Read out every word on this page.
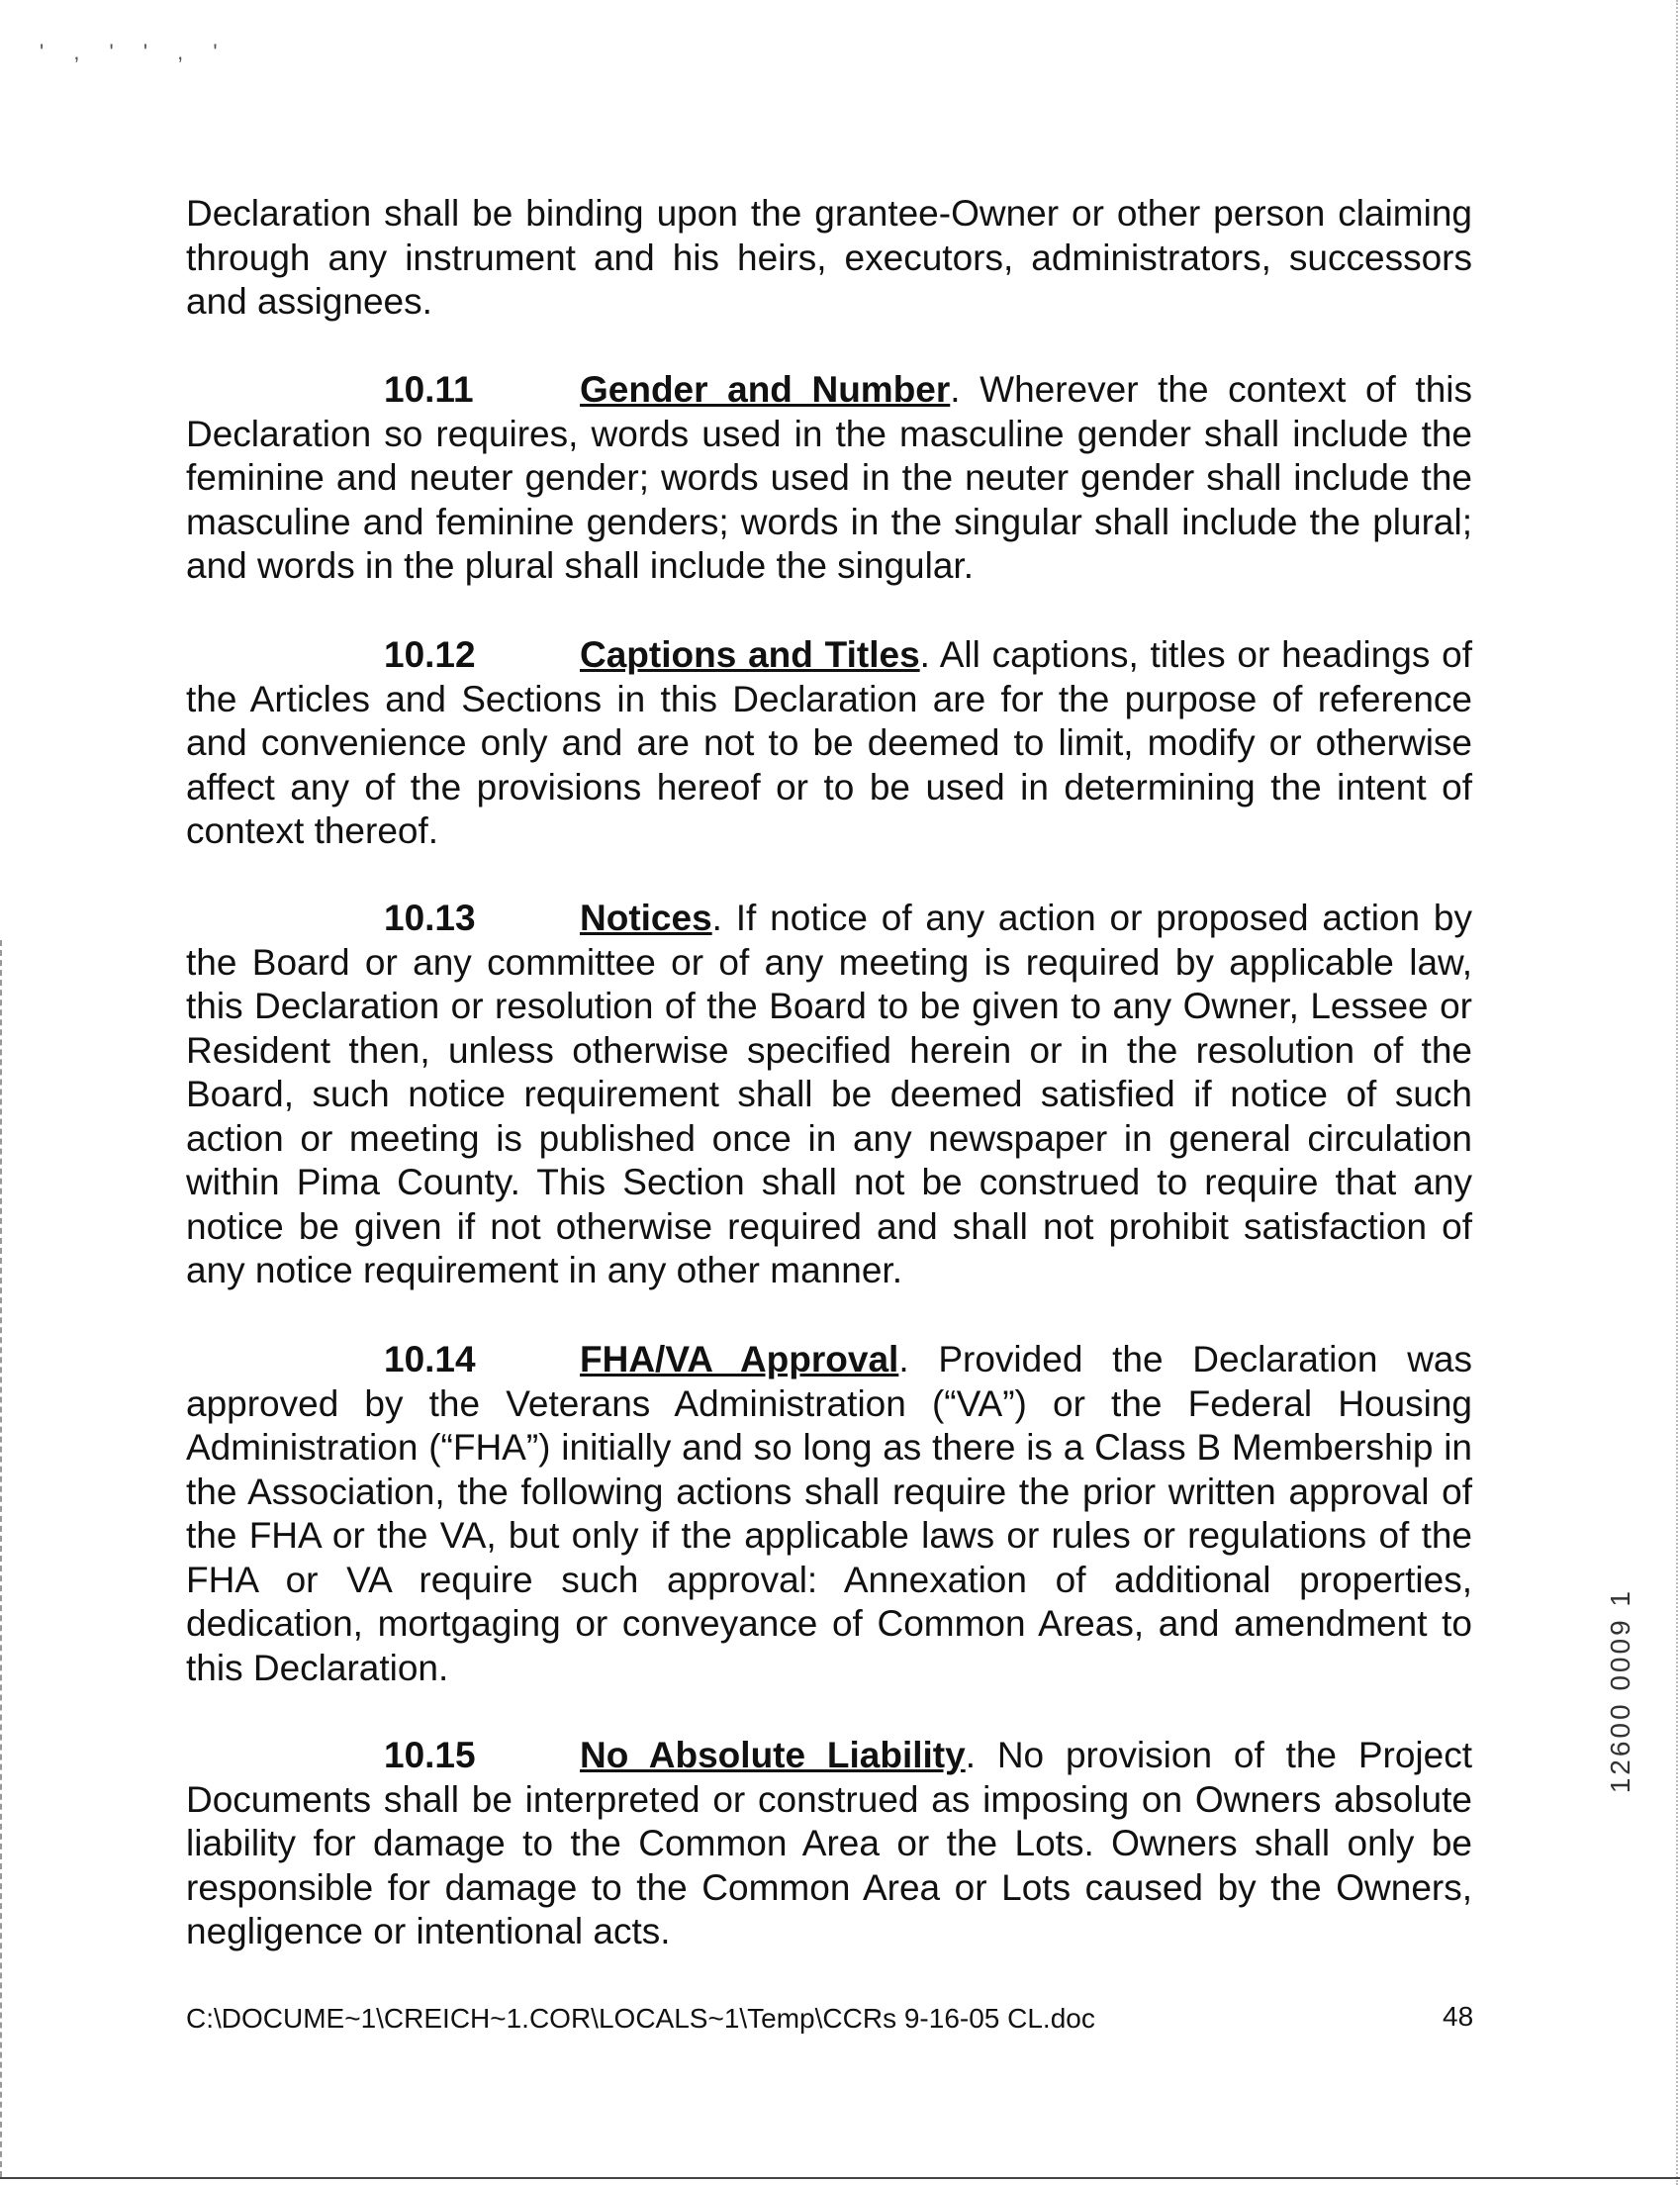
' , ' ' , '

Declaration shall be binding upon the grantee-Owner or other person claiming through any instrument and his heirs, executors, administrators, successors and assignees.

10.11	Gender and Number. Wherever the context of this Declaration so requires, words used in the masculine gender shall include the feminine and neuter gender; words used in the neuter gender shall include the masculine and feminine genders; words in the singular shall include the plural; and words in the plural shall include the singular.

10.12	Captions and Titles. All captions, titles or headings of the Articles and Sections in this Declaration are for the purpose of reference and convenience only and are not to be deemed to limit, modify or otherwise affect any of the provisions hereof or to be used in determining the intent of context thereof.

10.13	Notices. If notice of any action or proposed action by the Board or any committee or of any meeting is required by applicable law, this Declaration or resolution of the Board to be given to any Owner, Lessee or Resident then, unless otherwise specified herein or in the resolution of the Board, such notice requirement shall be deemed satisfied if notice of such action or meeting is published once in any newspaper in general circulation within Pima County. This Section shall not be construed to require that any notice be given if not otherwise required and shall not prohibit satisfaction of any notice requirement in any other manner.

10.14	FHA/VA Approval. Provided the Declaration was approved by the Veterans Administration (“VA”) or the Federal Housing Administration (“FHA”) initially and so long as there is a Class B Membership in the Association, the following actions shall require the prior written approval of the FHA or the VA, but only if the applicable laws or rules or regulations of the FHA or VA require such approval: Annexation of additional properties, dedication, mortgaging or conveyance of Common Areas, and amendment to this Declaration.

10.15	No Absolute Liability. No provision of the Project Documents shall be interpreted or construed as imposing on Owners absolute liability for damage to the Common Area or the Lots. Owners shall only be responsible for damage to the Common Area or Lots caused by the Owners, negligence or intentional acts.

C:\DOCUME~1\CREICH~1.COR\LOCALS~1\Temp\CCRs 9-16-05 CL.doc	48
12600 0009 1
